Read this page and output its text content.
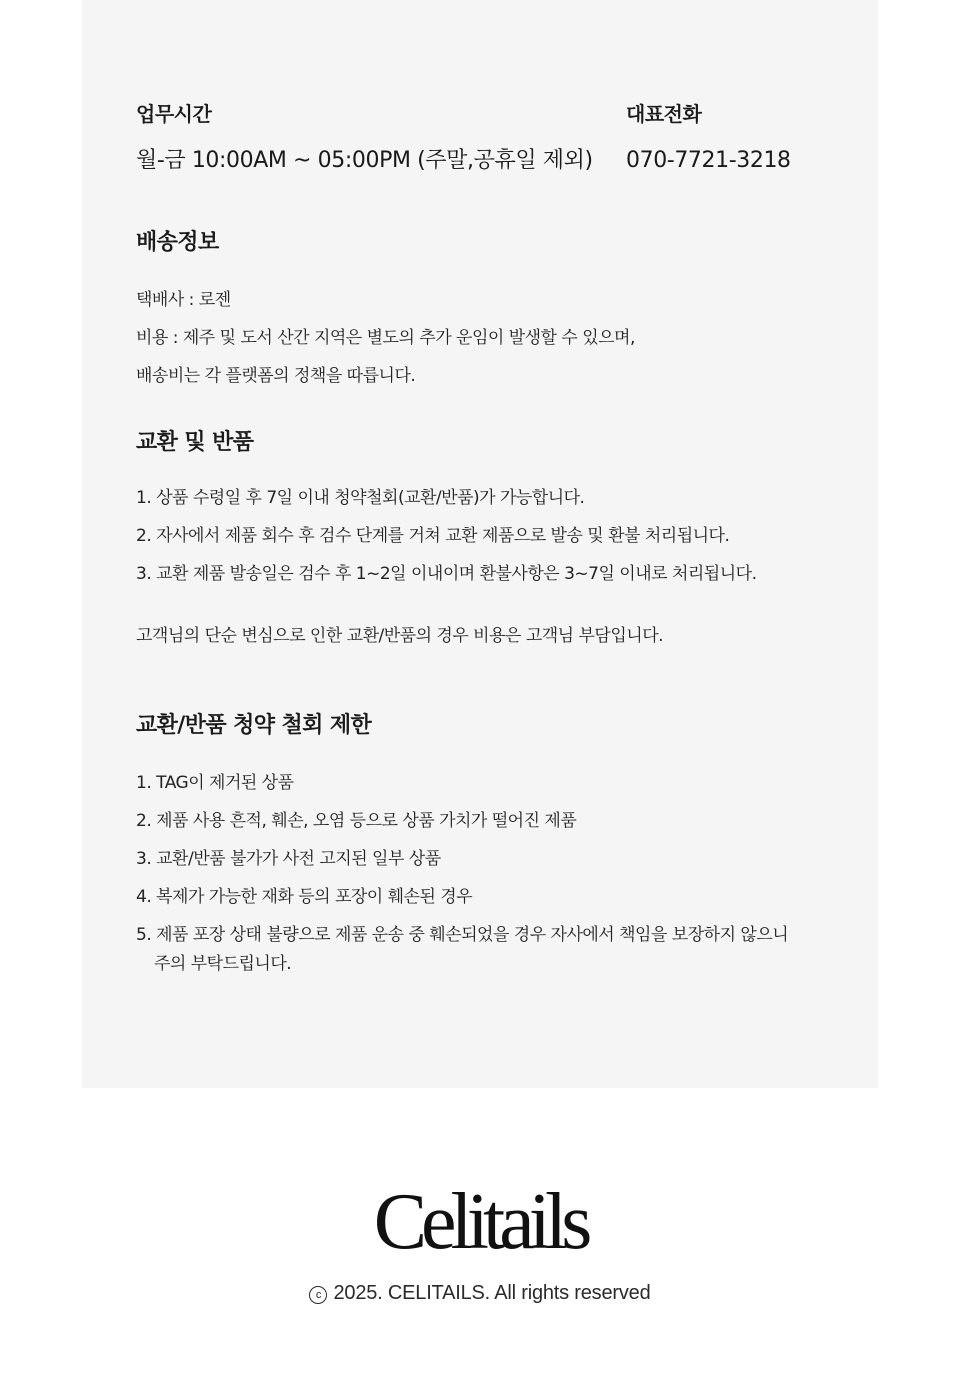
업무시간
월-금 10:00AM ~ 05:00PM (주말,공휴일 제외)
대표전화
070-7721-3218
배송정보

택배사 : 로젠

비용 : 제주 및 도서 산간 지역은 별도의 추가 운임이 발생할 수 있으며,

배송비는 각 플랫폼의 정책을 따릅니다.

교환 및 반품

1. 상품 수령일 후 7일 이내 청약철회(교환/반품)가 가능합니다.

2. 자사에서 제품 회수 후 검수 단계를 거쳐 교환 제품으로 발송 및 환불 처리됩니다.

3. 교환 제품 발송일은 검수 후 1~2일 이내이며 환불사항은 3~7일 이내로 처리됩니다.

고객님의 단순 변심으로 인한 교환/반품의 경우 비용은 고객님 부담입니다.

교환/반품 청약 철회 제한

1. TAG이 제거된 상품

2. 제품 사용 흔적, 훼손, 오염 등으로 상품 가치가 떨어진 제품

3. 교환/반품 불가가 사전 고지된 일부 상품

4. 복제가 가능한 재화 등의 포장이 훼손된 경우

5. 제품 포장 상태 불량으로 제품 운송 중 훼손되었을 경우 자사에서 책임을 보장하지 않으니
주의 부탁드립니다.

Celitails
c 2025. CELITAILS. All rights reserved
